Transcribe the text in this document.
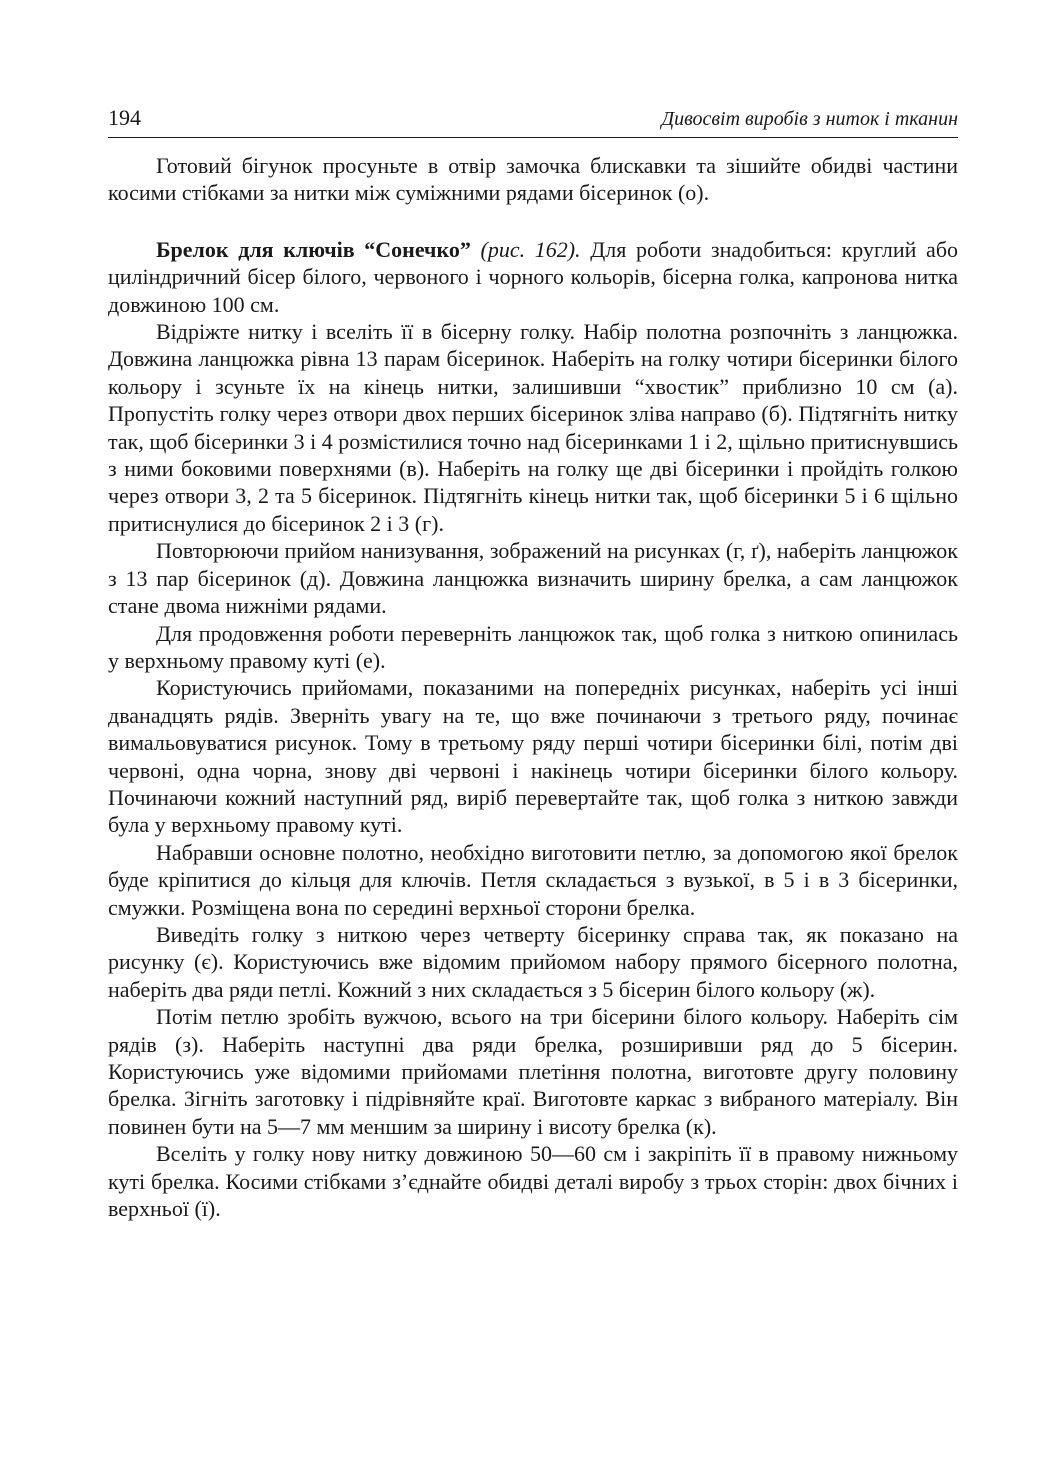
194	Дивосвіт виробів з ниток і тканин

Готовий бігунок просуньте в отвір замочка блискавки та зішийте обидві частини косими стібками за нитки між суміжними рядами бісеринок (о).

Брелок для ключів “Сонечко” (рис. 162). Для роботи знадобиться: круглий або циліндричний бісер білого, червоного і чорного кольорів, бісерна голка, капронова нитка довжиною 100 см.

Відріжте нитку і вселіть її в бісерну голку. Набір полотна розпочніть з ланцюжка. Довжина ланцюжка рівна 13 парам бісеринок. Наберіть на голку чотири бісеринки білого кольору і зсуньте їх на кінець нитки, залишивши “хвостик” приблизно 10 см (а). Пропустіть голку через отвори двох перших бісеринок зліва направо (б). Підтягніть нитку так, щоб бісеринки 3 і 4 розмістилися точно над бісеринками 1 і 2, щільно притиснувшись з ними боковими поверхнями (в). Наберіть на голку ще дві бісеринки і пройдіть голкою через отвори 3, 2 та 5 бісеринок. Підтягніть кінець нитки так, щоб бісеринки 5 і 6 щільно притиснулися до бісеринок 2 і 3 (г).

Повторюючи прийом нанизування, зображений на рисунках (г, ґ), наберіть ланцюжок з 13 пар бісеринок (д). Довжина ланцюжка визначить ширину брелка, а сам ланцюжок стане двома нижніми рядами.

Для продовження роботи переверніть ланцюжок так, щоб голка з ниткою опинилась у верхньому правому куті (е).

Користуючись прийомами, показаними на попередніх рисунках, наберіть усі інші дванадцять рядів. Зверніть увагу на те, що вже починаючи з третього ряду, починає вимальовуватися рисунок. Тому в третьому ряду перші чотири бісеринки білі, потім дві червоні, одна чорна, знову дві червоні і накінець чотири бісеринки білого кольору. Починаючи кожний наступний ряд, виріб перевертайте так, щоб голка з ниткою завжди була у верхньому правому куті.

Набравши основне полотно, необхідно виготовити петлю, за допомогою якої брелок буде кріпитися до кільця для ключів. Петля складається з вузької, в 5 і в 3 бісеринки, смужки. Розміщена вона по середині верхньої сторони брелка.

Виведіть голку з ниткою через четверту бісеринку справа так, як показано на рисунку (є). Користуючись вже відомим прийомом набору прямого бісерного полотна, наберіть два ряди петлі. Кожний з них складається з 5 бісерин білого кольору (ж).

Потім петлю зробіть вужчою, всього на три бісерини білого кольору. Наберіть сім рядів (з). Наберіть наступні два ряди брелка, розширивши ряд до 5 бісерин. Користуючись уже відомими прийомами плетіння полотна, виготовте другу половину брелка. Зігніть заготовку і підрівняйте краї. Виготовте каркас з вибраного матеріалу. Він повинен бути на 5—7 мм меншим за ширину і висоту брелка (к).

Вселіть у голку нову нитку довжиною 50—60 см і закріпіть її в правому нижньому куті брелка. Косими стібками з’єднайте обидві деталі виробу з трьох сторін: двох бічних і верхньої (ї).
